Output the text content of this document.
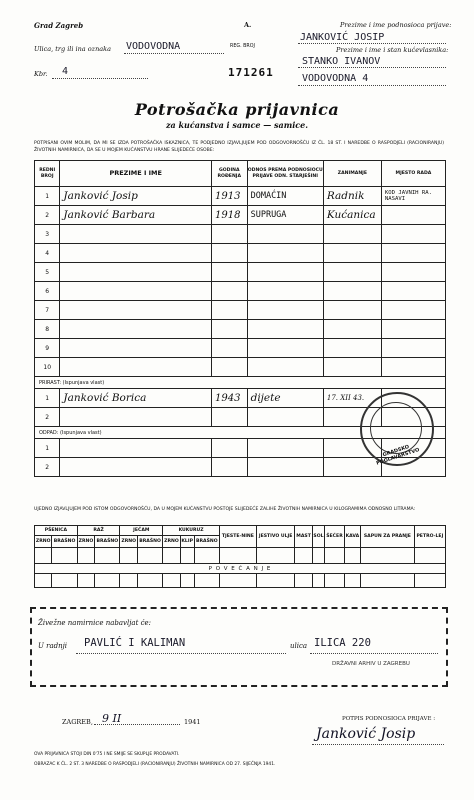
Grad Zagreb	A.
Ulica, trg ili ina oznaka VODOVODNA	REG. BROJ
Kbr. 4	171261
Prezime i ime podnosioca prijave:
JANKOVIĆ JOSIP
Prezime i ime i stan kućevlasnika:
STANKO IVANOV
VODOVODNA 4
Potrošačka prijavnica
za kućanstva i samce — samice.
POTPISANI OVIM MOLIM, DA MI SE IZDA POTROŠAČKA ISKAZNICA, TE PODJEDNO IZJAVLJUJEM POD ODGOVORNOŠĆU IZ ČL. 18 ST. I NAREDBE O RASPODJELI (RACIONIRANJU) ŽIVOTNIH NAMIRNICA, DA SE U MOJEM KUĆANSTVU HRANE SLIJEDEĆE OSOBE:
REDNI BROJ	PREZIME I IME	GODINA ROĐENJA	ODNOS PREMA PODNOSIOCU PRIJAVE ODN. STARJEŠINI	ZANIMANJE	MJESTO RADA
1	Janković Josip	1913	DOMAĆIN	Radnik	KOD JAVNIH RA. NASAVI
2	Janković Barbara	1918	SUPRUGA	Kućanica	
3					
4					
5					
6					
7					
8					
9					
10					
PRIRAST: (Ispunjava vlast)					
1	Janković Borica	1943	dijete	17. XII 43.	
2					
ODPAD: (Ispunjava vlast)					
1					
2					
GRADSKO POGLAVARSTVO
UJEDNO IZJAVLJUJEM POD ISTOM ODGOVORNOŠĆU, DA U MOJEM KUĆANSTVU POSTOJE SLIJEDEĆE ZALIHE ŽIVOTNIH NAMIRNICA U KILOGRAMIMA ODNOSNO LITRAMA:
PŠENICA		RAŽ		JEČAM		KUKURUZ			TJESTE-NINE	JESTIVO ULJE	MAST	SOL	ŠEĆER	KAVA	SAPUN ZA PRANJE	PETRO-LEJ
ZRNO	BRAŠNO	ZRNO	BRAŠNO	ZRNO	BRAŠNO	ZRNO	KLIP	BRAŠNO								

P O V E Ć A N J E																

Živežne namirnice nabavljat će:
U radnji PAVLIĆ I KALIMAN	ulica ILICA 220
DRŽAVNI ARHIV U ZAGREBU
ZAGREB, 9 II	1941	POTPIS PODNOSIOCA PRIJAVE :
Janković Josip
OVA PRIJAVNICA STOJI DIN 0'75 I NE SMIJE SE SKUPLJE PRODAVATI.
OBRAZAC K ČL. 2 ST. 3 NAREDBE O RASPODJELI (RACIONIRANJU) ŽIVOTNIH NAMIRNICA OD 27. SIJEČNJA 1941.
